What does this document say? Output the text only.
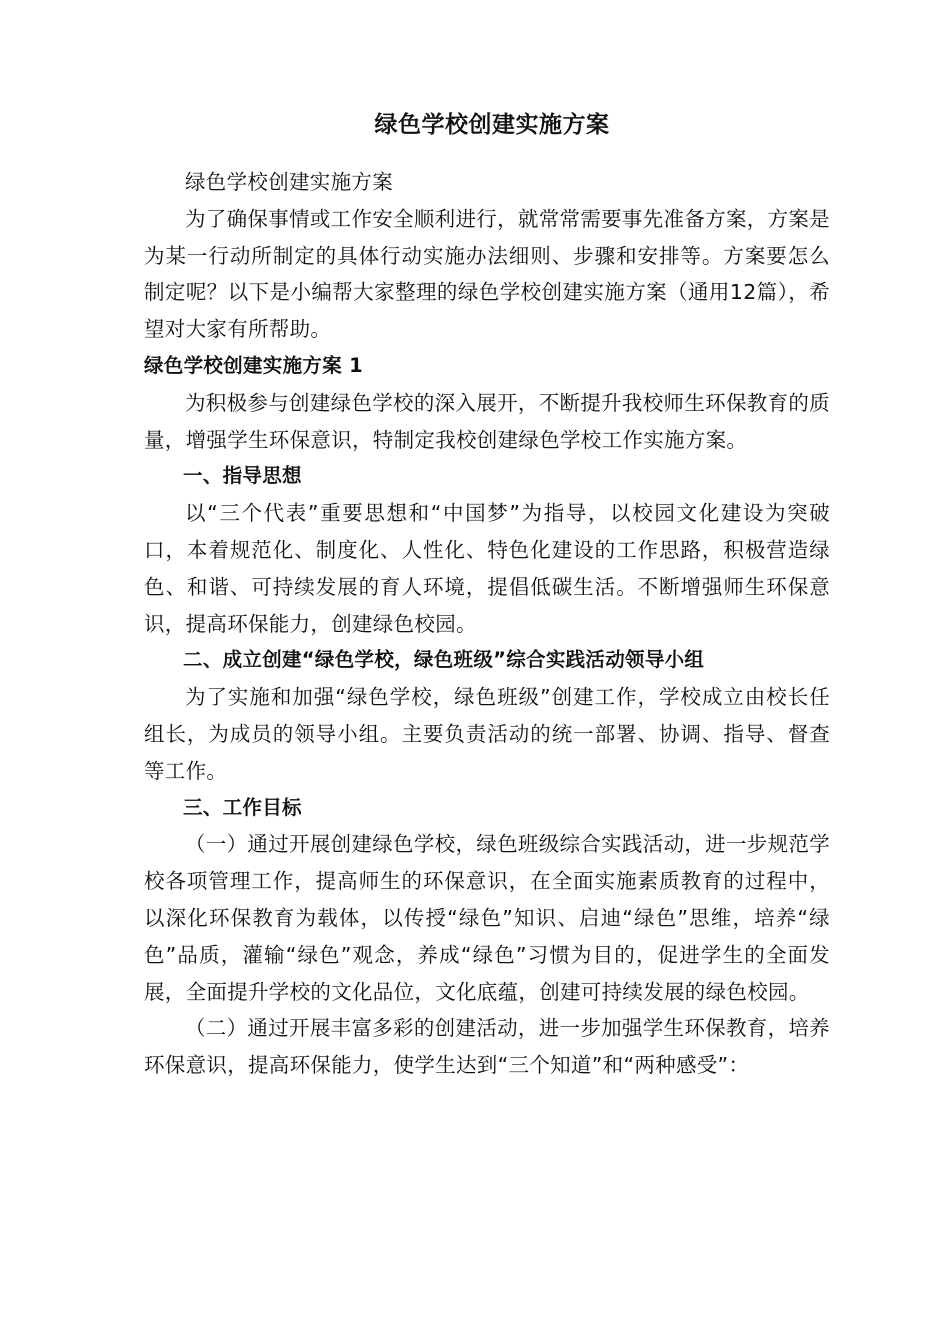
绿色学校创建实施方案

绿色学校创建实施方案

为了确保事情或工作安全顺利进行，就常常需要事先准备方案，方案是为某一行动所制定的具体行动实施办法细则、步骤和安排等。方案要怎么制定呢？以下是小编帮大家整理的绿色学校创建实施方案（通用12篇），希望对大家有所帮助。

绿色学校创建实施方案 1

为积极参与创建绿色学校的深入展开，不断提升我校师生环保教育的质量，增强学生环保意识，特制定我校创建绿色学校工作实施方案。

一、指导思想

以“三个代表”重要思想和“中国梦”为指导，以校园文化建设为突破口，本着规范化、制度化、人性化、特色化建设的工作思路，积极营造绿色、和谐、可持续发展的育人环境，提倡低碳生活。不断增强师生环保意识，提高环保能力，创建绿色校园。

二、成立创建“绿色学校，绿色班级”综合实践活动领导小组

为了实施和加强“绿色学校，绿色班级”创建工作，学校成立由校长任组长，为成员的领导小组。主要负责活动的统一部署、协调、指导、督查等工作。

三、工作目标

（一）通过开展创建绿色学校，绿色班级综合实践活动，进一步规范学校各项管理工作，提高师生的环保意识，在全面实施素质教育的过程中，以深化环保教育为载体，以传授“绿色”知识、启迪“绿色”思维，培养“绿色”品质，灌输“绿色”观念，养成“绿色”习惯为目的，促进学生的全面发展，全面提升学校的文化品位，文化底蕴，创建可持续发展的绿色校园。

（二）通过开展丰富多彩的创建活动，进一步加强学生环保教育，培养环保意识，提高环保能力，使学生达到“三个知道”和“两种感受”：
